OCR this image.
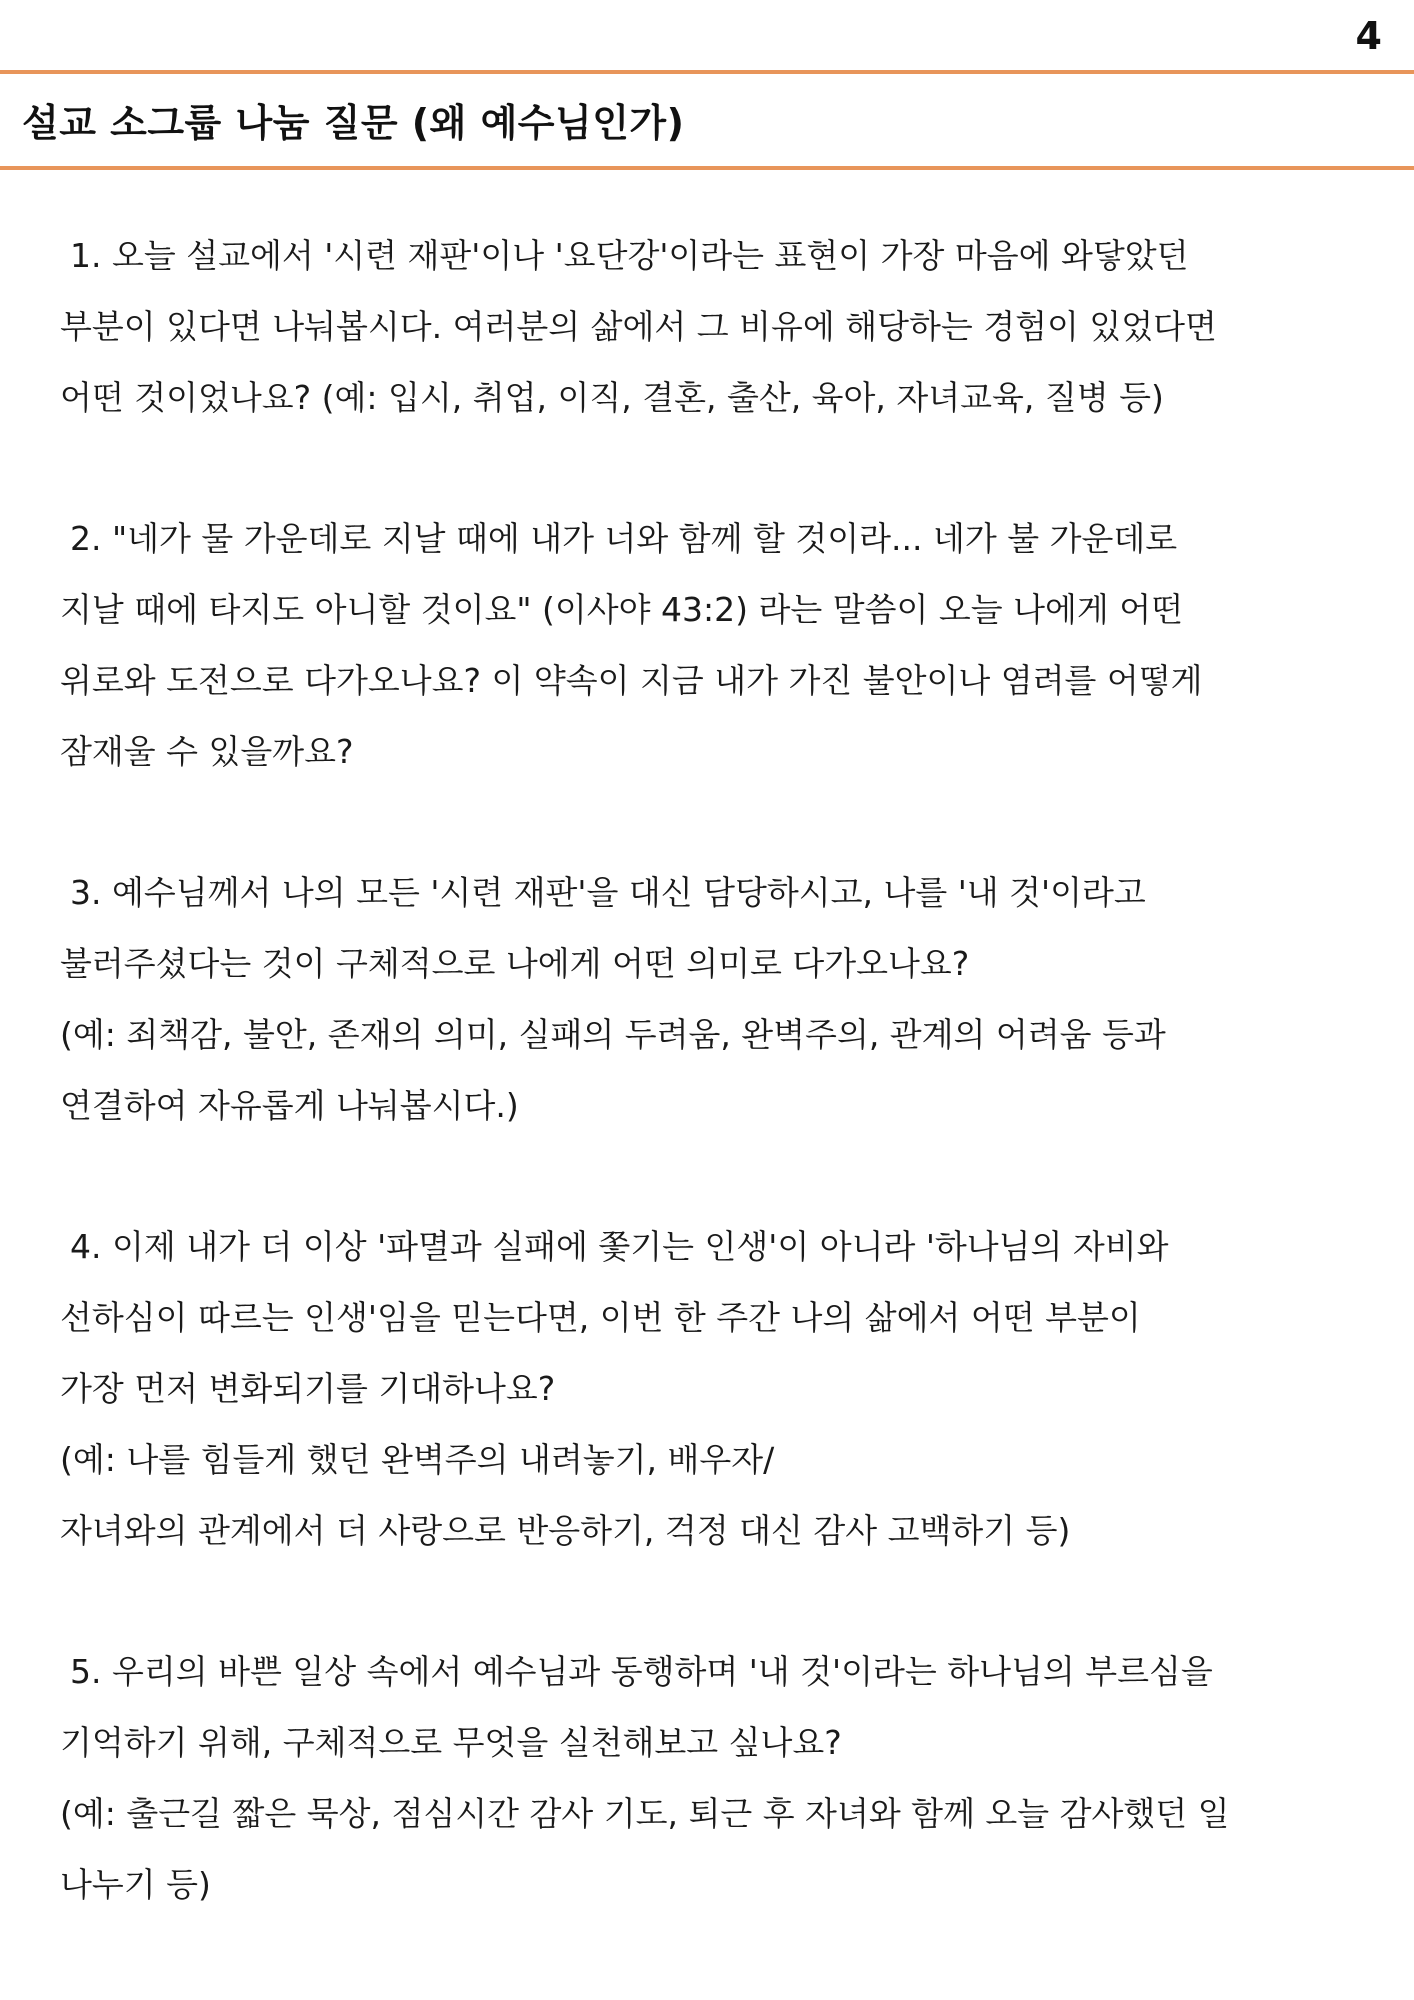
4
설교 소그룹 나눔 질문 (왜 예수님인가)
1. 오늘 설교에서 '시련 재판'이나 '요단강'이라는 표현이 가장 마음에 와닿았던
부분이 있다면 나눠봅시다. 여러분의 삶에서 그 비유에 해당하는 경험이 있었다면
어떤 것이었나요? (예: 입시, 취업, 이직, 결혼, 출산, 육아, 자녀교육, 질병 등)
2. "네가 물 가운데로 지날 때에 내가 너와 함께 할 것이라... 네가 불 가운데로
지날 때에 타지도 아니할 것이요" (이사야 43:2) 라는 말씀이 오늘 나에게 어떤
위로와 도전으로 다가오나요? 이 약속이 지금 내가 가진 불안이나 염려를 어떻게
잠재울 수 있을까요?
3. 예수님께서 나의 모든 '시련 재판'을 대신 담당하시고, 나를 '내 것'이라고
불러주셨다는 것이 구체적으로 나에게 어떤 의미로 다가오나요?
(예: 죄책감, 불안, 존재의 의미, 실패의 두려움, 완벽주의, 관계의 어려움 등과
연결하여 자유롭게 나눠봅시다.)
4. 이제 내가 더 이상 '파멸과 실패에 쫓기는 인생'이 아니라 '하나님의 자비와
선하심이 따르는 인생'임을 믿는다면, 이번 한 주간 나의 삶에서 어떤 부분이
가장 먼저 변화되기를 기대하나요?
(예: 나를 힘들게 했던 완벽주의 내려놓기, 배우자/
자녀와의 관계에서 더 사랑으로 반응하기, 걱정 대신 감사 고백하기 등)
5. 우리의 바쁜 일상 속에서 예수님과 동행하며 '내 것'이라는 하나님의 부르심을
기억하기 위해, 구체적으로 무엇을 실천해보고 싶나요?
(예: 출근길 짧은 묵상, 점심시간 감사 기도, 퇴근 후 자녀와 함께 오늘 감사했던 일
나누기 등)
